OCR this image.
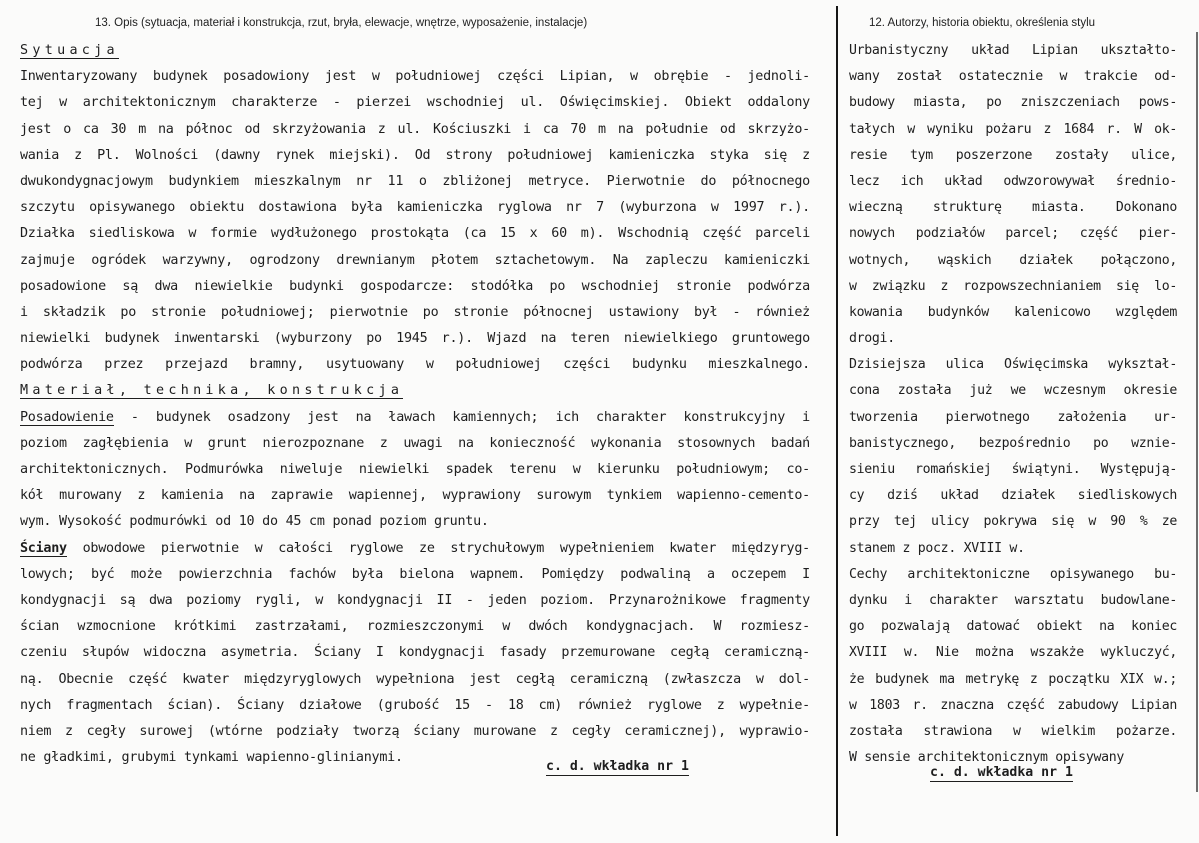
13. Opis (sytuacja, materiał i konstrukcja, rzut, bryła, elewacje, wnętrze, wyposażenie, instalacje)	12. Autorzy, historia obiektu, określenia stylu
Sytuacja
Inwentaryzowany budynek posadowiony jest w południowej części Lipian, w obrębie - jednoli-
tej w architektonicznym charakterze - pierzei wschodniej ul. Oświęcimskiej. Obiekt oddalony
jest o ca 30 m na północ od skrzyżowania z ul. Kościuszki i ca 70 m na południe od skrzyżo-
wania z Pl. Wolności (dawny rynek miejski). Od strony południowej kamieniczka styka się z
dwukondygnacjowym budynkiem mieszkalnym nr 11 o zbliżonej metryce. Pierwotnie do północnego
szczytu opisywanego obiektu dostawiona była kamieniczka ryglowa nr 7 (wyburzona w 1997 r.).
Działka siedliskowa w formie wydłużonego prostokąta (ca 15 x 60 m). Wschodnią część parceli
zajmuje ogródek warzywny, ogrodzony drewnianym płotem sztachetowym. Na zapleczu kamieniczki
posadowione są dwa niewielkie budynki gospodarcze: stodółka po wschodniej stronie podwórza
i składzik po stronie południowej; pierwotnie po stronie północnej ustawiony był - również
niewielki budynek inwentarski (wyburzony po 1945 r.). Wjazd na teren niewielkiego gruntowego
podwórza przez przejazd bramny, usytuowany w południowej części budynku mieszkalnego.
Materiał, technika, konstrukcja
Posadowienie - budynek osadzony jest na ławach kamiennych; ich charakter konstrukcyjny i
poziom zagłębienia w grunt nierozpoznane z uwagi na konieczność wykonania stosownych badań
architektonicznych. Podmurówka niweluje niewielki spadek terenu w kierunku południowym; co-
kół murowany z kamienia na zaprawie wapiennej, wyprawiony surowym tynkiem wapienno-cemento-
wym. Wysokość podmurówki od 10 do 45 cm ponad poziom gruntu.
Ściany obwodowe pierwotnie w całości ryglowe ze strychułowym wypełnieniem kwater międzyryg-
lowych; być może powierzchnia fachów była bielona wapnem. Pomiędzy podwaliną a oczepem I
kondygnacji są dwa poziomy rygli, w kondygnacji II - jeden poziom. Przynarożnikowe fragmenty
ścian wzmocnione krótkimi zastrzałami, rozmieszczonymi w dwóch kondygnacjach. W rozmiesz-
czeniu słupów widoczna asymetria. Ściany I kondygnacji fasady przemurowane cegłą ceramiczną-
ną. Obecnie część kwater międzyryglowych wypełniona jest cegłą ceramiczną (zwłaszcza w dol-
nych fragmentach ścian). Ściany działowe (grubość 15 - 18 cm) również ryglowe z wypełnie-
niem z cegły surowej (wtórne podziały tworzą ściany murowane z cegły ceramicznej), wyprawio-
ne gładkimi, grubymi tynkami wapienno-glinianymi.
c. d. wkładka nr 1
Urbanistyczny układ Lipian ukształto-
wany został ostatecznie w trakcie od-
budowy miasta, po zniszczeniach pows-
tałych w wyniku pożaru z 1684 r. W ok-
resie tym poszerzone zostały ulice,
lecz ich układ odwzorowywał średnio-
wieczną strukturę miasta. Dokonano
nowych podziałów parcel; część pier-
wotnych, wąskich działek połączono,
w związku z rozpowszechnianiem się lo-
kowania budynków kalenicowo względem
drogi.
Dzisiejsza ulica Oświęcimska wykształ-
cona została już we wczesnym okresie
tworzenia pierwotnego założenia ur-
banistycznego, bezpośrednio po wznie-
sieniu romańskiej świątyni. Występują-
cy dziś układ działek siedliskowych
przy tej ulicy pokrywa się w 90 % ze
stanem z pocz. XVIII w.
Cechy architektoniczne opisywanego bu-
dynku i charakter warsztatu budowlane-
go pozwalają datować obiekt na koniec
XVIII w. Nie można wszakże wykluczyć,
że budynek ma metrykę z początku XIX w.;
w 1803 r. znaczna część zabudowy Lipian
została strawiona w wielkim pożarze.
W sensie architektonicznym opisywany
c. d. wkładka nr 1
